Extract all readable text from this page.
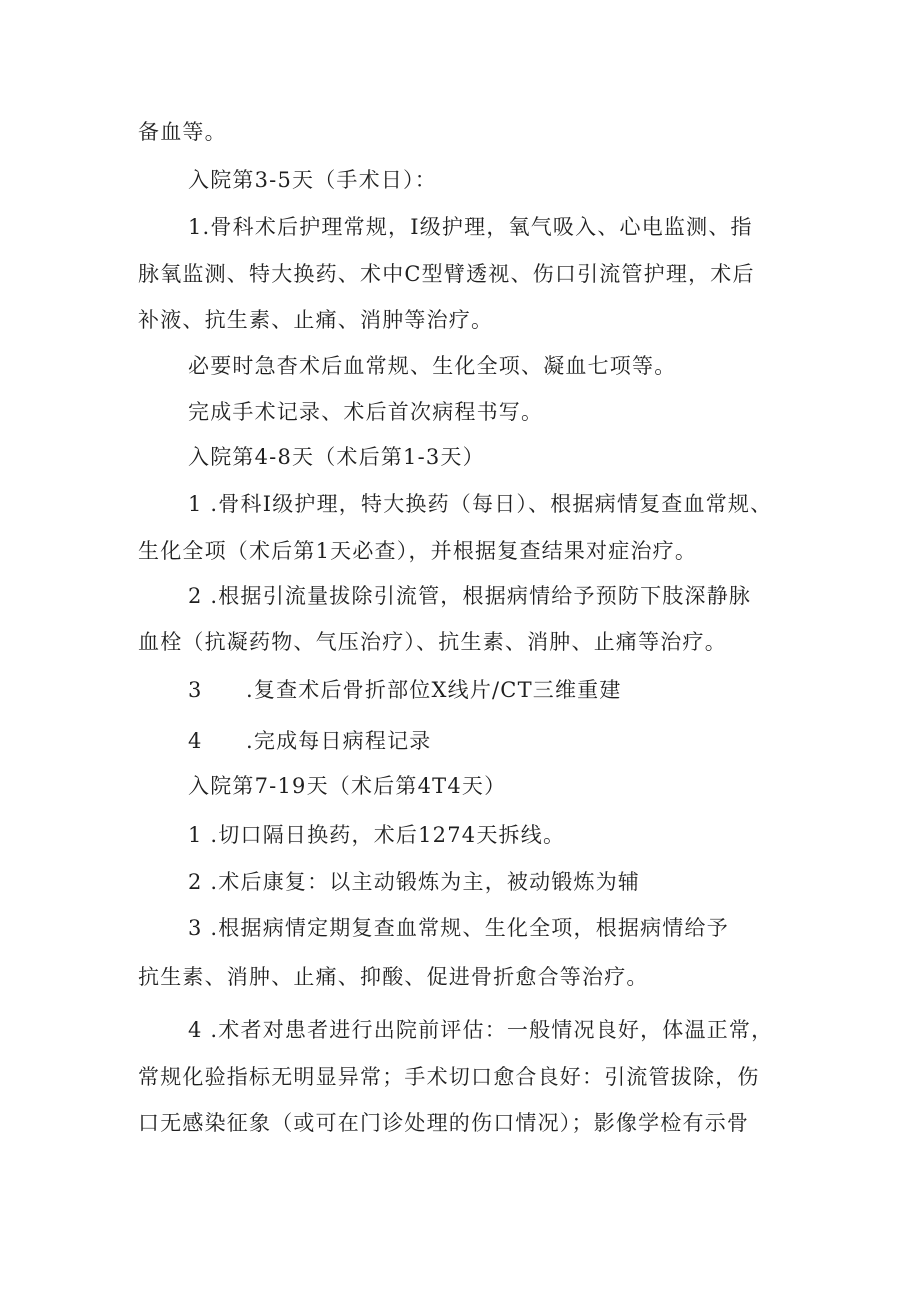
备血等。
入院第3-5天（手术日）：
1.骨科术后护理常规，I级护理，氧气吸入、心电监测、指
脉氧监测、特大换药、术中C型臂透视、伤口引流管护理，术后
补液、抗生素、止痛、消肿等治疗。
必要时急杳术后血常规、生化全项、凝血七项等。
完成手术记录、术后首次病程书写。
入院第4-8天（术后第1-3天）
1 .骨科I级护理，特大换药（每日）、根据病情复查血常规、
生化全项（术后第1天必查），并根据复查结果对症治疗。
2 .根据引流量拔除引流管，根据病情给予预防下肢深静脉
血栓（抗凝药物、气压治疗）、抗生素、消肿、止痛等治疗。
3 .复查术后骨折部位X线片/CT三维重建
4 .完成每日病程记录
入院第7-19天（术后第4T4天）
1 .切口隔日换药，术后1274天拆线。
2 .术后康复：以主动锻炼为主，被动锻炼为辅
3 .根据病情定期复查血常规、生化全项，根据病情给予
抗生素、消肿、止痛、抑酸、促进骨折愈合等治疗。
4 .术者对患者进行出院前评估：一般情况良好，体温正常，
常规化验指标无明显异常；手术切口愈合良好：引流管拔除，伤
口无感染征象（或可在门诊处理的伤口情况）；影像学检有示骨
